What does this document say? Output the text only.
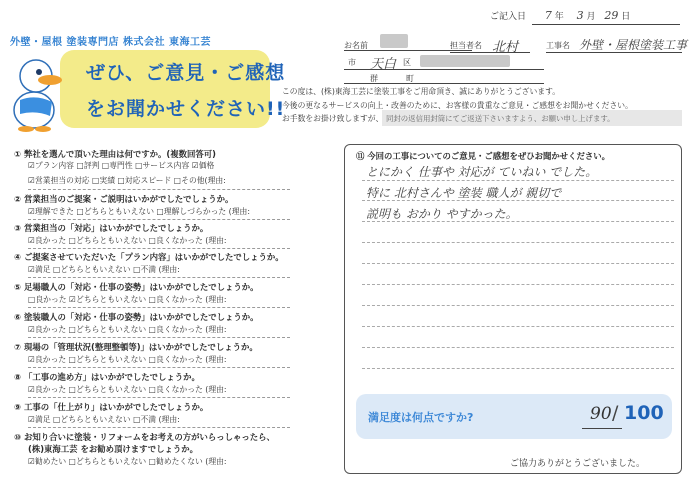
ご記入日 7 年 3 月 29 日
外壁・屋根 塗装専門店 株式会社 東海工芸
ぜひ、ご意見・ご感想
をお聞かせください!!
お名前	担当者名 北村	工事名 外壁・屋根塗装工事
市 天白 区
群	町
この度は、(株)東海工芸に塗装工事をご用命頂き、誠にありがとうございます。
今後の更なるサービスの向上・改善のために、お客様の貴重なご意見・ご感想をお聞かせください。
お手数をお掛け致しますが、 同封の返信用封筒にてご返送下さいますよう、お願い申し上げます。
① 弊社を選んで頂いた理由は何ですか。(複数回答可)
☑プラン内容 □評判 □専門性 □サービス内容 ☑価格
☑営業担当の対応 □実績 □対応スピード □その他(理由:
② 営業担当のご提案・ご説明はいかがでしたでしょうか。
☑理解できた □どちらともいえない □理解しづらかった (理由:
③ 営業担当の「対応」はいかがでしたでしょうか。
☑良かった □どちらともいえない □良くなかった (理由:
④ ご提案させていただいた「プラン内容」はいかがでしたでしょうか。
☑満足 □どちらともいえない □不満 (理由:
⑤ 足場職人の「対応・仕事の姿勢」はいかがでしたでしょうか。
□良かった ☑どちらともいえない □良くなかった (理由:
⑥ 塗装職人の「対応・仕事の姿勢」はいかがでしたでしょうか。
☑良かった □どちらともいえない □良くなかった (理由:
⑦ 現場の「管理状況(整理整頓等)」はいかがでしたでしょうか。
☑良かった □どちらともいえない □良くなかった (理由:
⑧ 「工事の進め方」はいかがでしたでしょうか。
☑良かった □どちらともいえない □良くなかった (理由:
⑨ 工事の「仕上がり」はいかがでしたでしょうか。
☑満足 □どちらともいえない □不満 (理由:
⑩ お知り合いに塗装・リフォームをお考えの方がいらっしゃったら、
(株)東海工芸 をお勧め頂けますでしょうか。
☑勧めたい □どちらともいえない □勧めたくない (理由:
⑪ 今回の工事についてのご意見・ご感想をぜひお聞かせください。
とにかく 仕事や 対応が ていねい でした。
特に 北村さんや 塗装 職人が 親切で
説明も おかり やすかった。
満足度は何点ですか?	90 / 100
ご協力ありがとうございました。
